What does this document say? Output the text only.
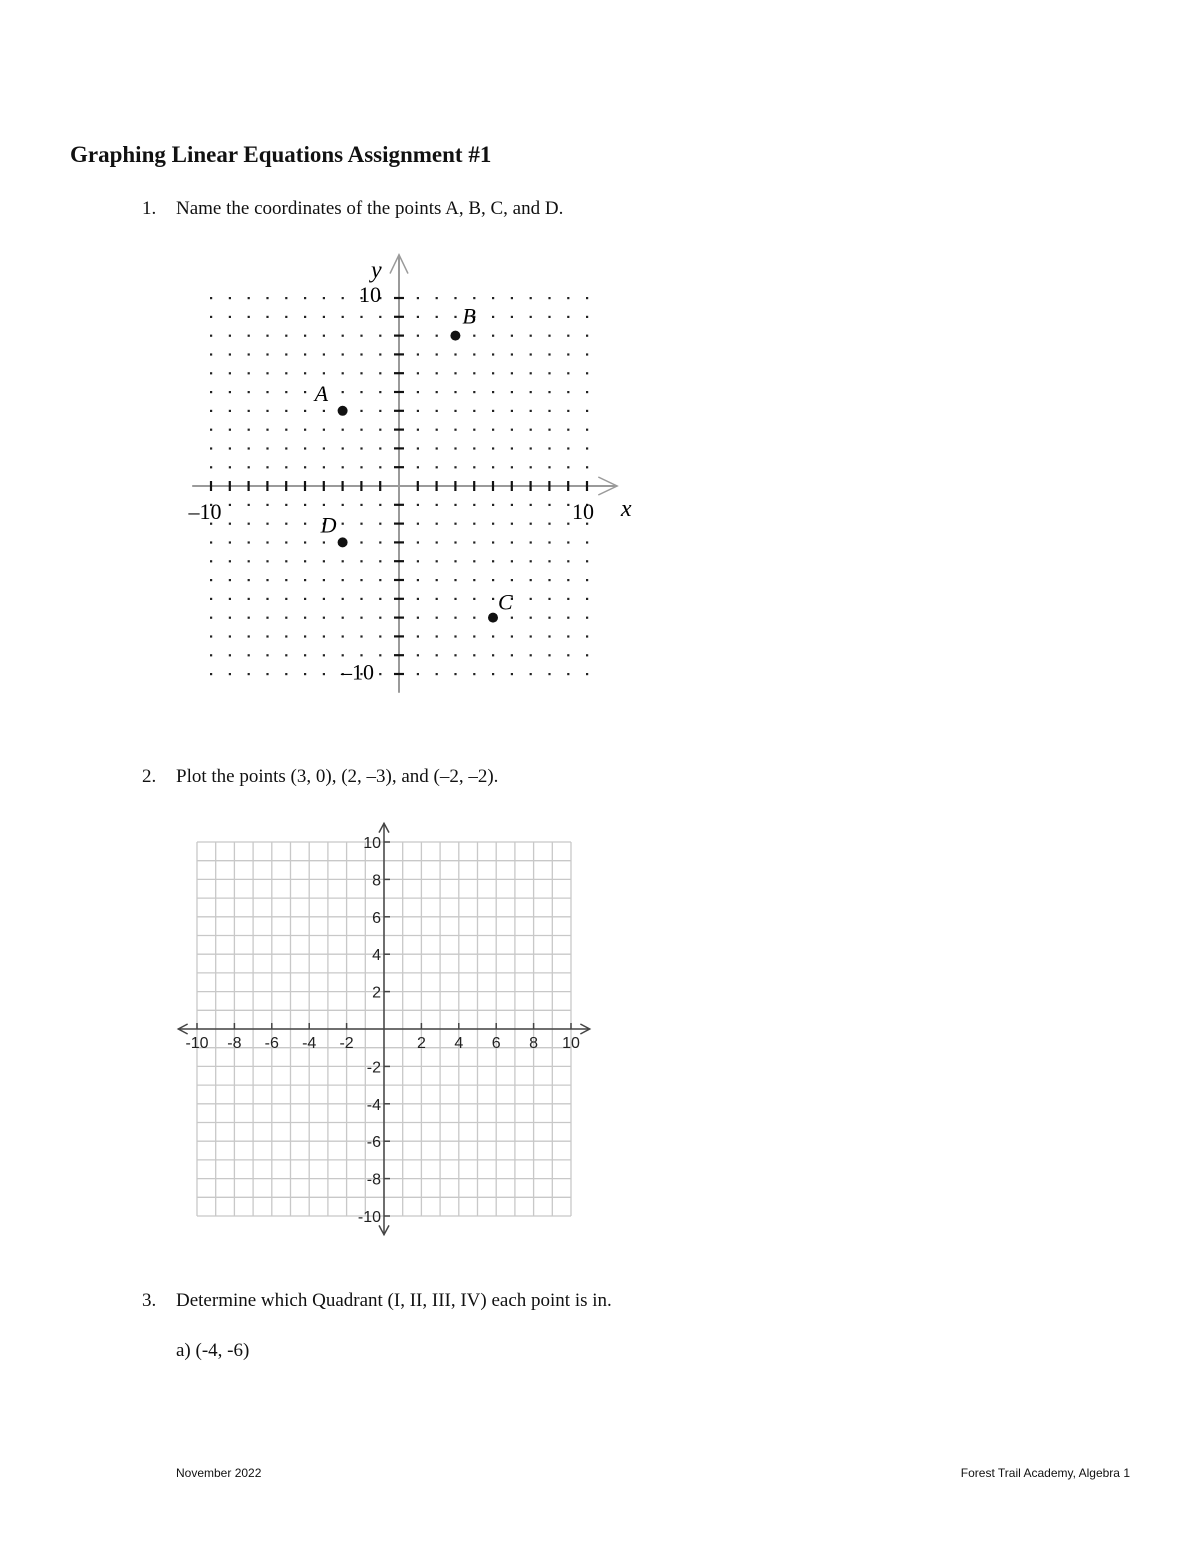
Graphing Linear Equations Assignment #1
1. Name the coordinates of the points A, B, C, and D.
–10	10
10
–10
x
y
A
B
C
D
2. Plot the points (3, 0), (2, –3), and (–2, –2).
-10 -8 -6 -4 -2	2 4 6 8 10
10
8
6
4
2
-2
-4
-6
-8
-10
3. Determine which Quadrant (I, II, III, IV) each point is in.
a) (-4, -6)
November 2022	Forest Trail Academy, Algebra 1
